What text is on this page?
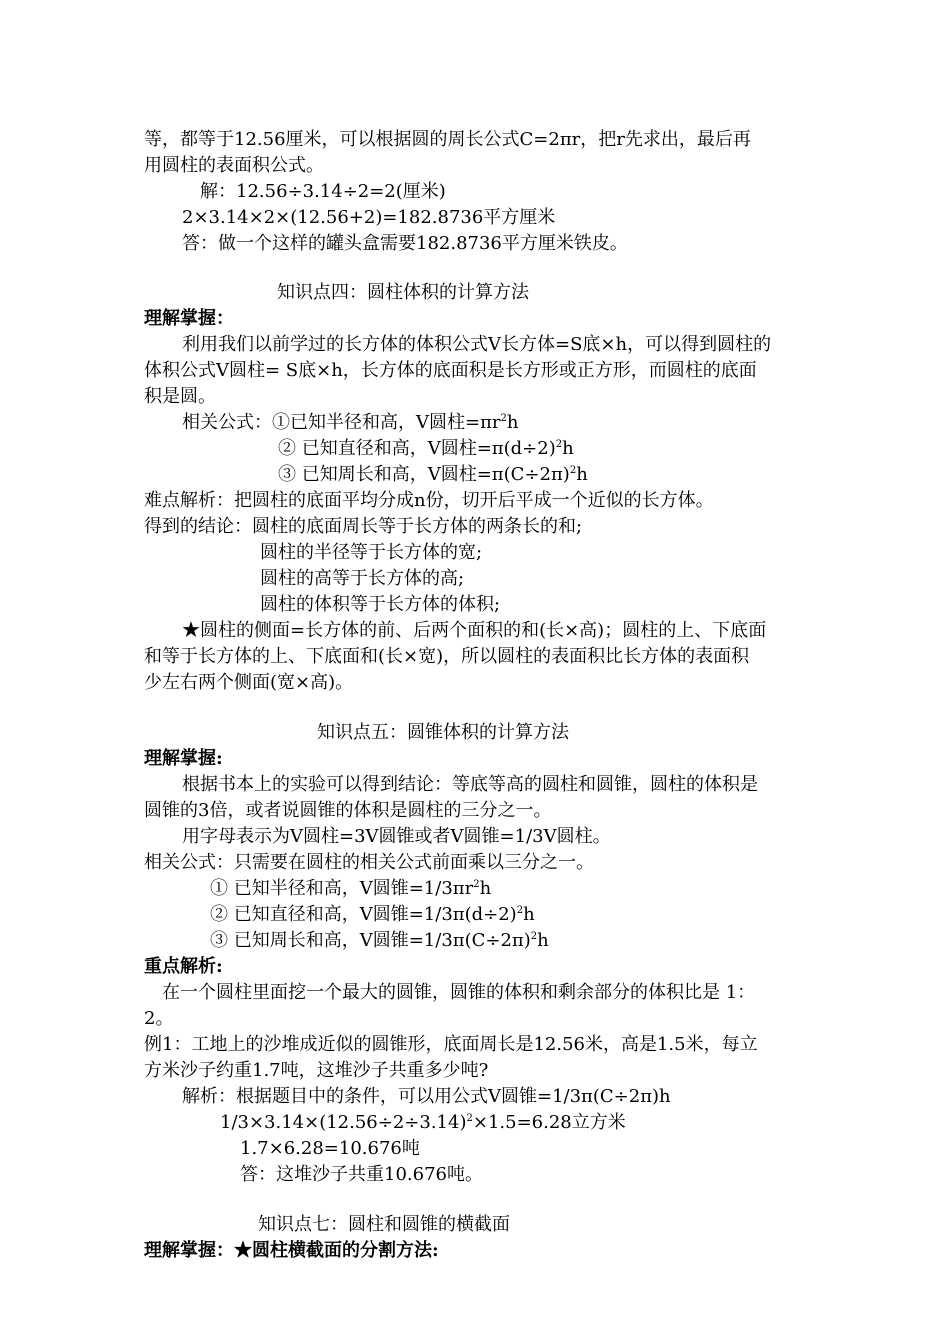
等，都等于12.56厘米，可以根据圆的周长公式C=2πr，把r先求出，最后再
用圆柱的表面积公式。
解：12.56÷3.14÷2=2(厘米)
2×3.14×2×(12.56+2)=182.8736平方厘米
答：做一个这样的罐头盒需要182.8736平方厘米铁皮。
知识点四：圆柱体积的计算方法
理解掌握：
利用我们以前学过的长方体的体积公式V长方体=S底×h，可以得到圆柱的
体积公式V圆柱= S底×h，长方体的底面积是长方形或正方形，而圆柱的底面
积是圆。
相关公式：①已知半径和高，V圆柱$=\pi r^2h$
② 已知直径和高，V圆柱$=\pi(d\div 2)^2h$
③ 已知周长和高，V圆柱$=\pi(C\div 2\pi)^2h$
难点解析：把圆柱的底面平均分成n份，切开后平成一个近似的长方体。
得到的结论：圆柱的底面周长等于长方体的两条长的和;
圆柱的半径等于长方体的宽;
圆柱的高等于长方体的高;
圆柱的体积等于长方体的体积;
★圆柱的侧面=长方体的前、后两个面积的和(长×高)；圆柱的上、下底面
和等于长方体的上、下底面和(长×宽)，所以圆柱的表面积比长方体的表面积
少左右两个侧面(宽×高)。
知识点五：圆锥体积的计算方法
理解掌握:
根据书本上的实验可以得到结论：等底等高的圆柱和圆锥，圆柱的体积是
圆锥的3倍，或者说圆锥的体积是圆柱的三分之一。
用字母表示为V圆柱=3V圆锥或者V圆锥=1/3V圆柱。
相关公式：只需要在圆柱的相关公式前面乘以三分之一。
① 已知半径和高，V圆锥$=1/3\pi r^2h$
② 已知直径和高，V圆锥$=1/3\pi(d\div 2)^2h$
③ 已知周长和高，V圆锥$=1/3\pi(C\div 2\pi)^2h$
重点解析:
在一个圆柱里面挖一个最大的圆锥，圆锥的体积和剩余部分的体积比是 1：
2。
例1：工地上的沙堆成近似的圆锥形，底面周长是12.56米，高是1.5米，每立
方米沙子约重1.7吨，这堆沙子共重多少吨?
解析：根据题目中的条件，可以用公式V圆锥=1/3π(C÷2π)h
$1/3\times 3.14\times(12.56\div 2\div 3.14)^2\times 1.5=6.28$立方米
1.7×6.28=10.676吨
答：这堆沙子共重10.676吨。
知识点七：圆柱和圆锥的横截面
理解掌握：★圆柱横截面的分割方法:
